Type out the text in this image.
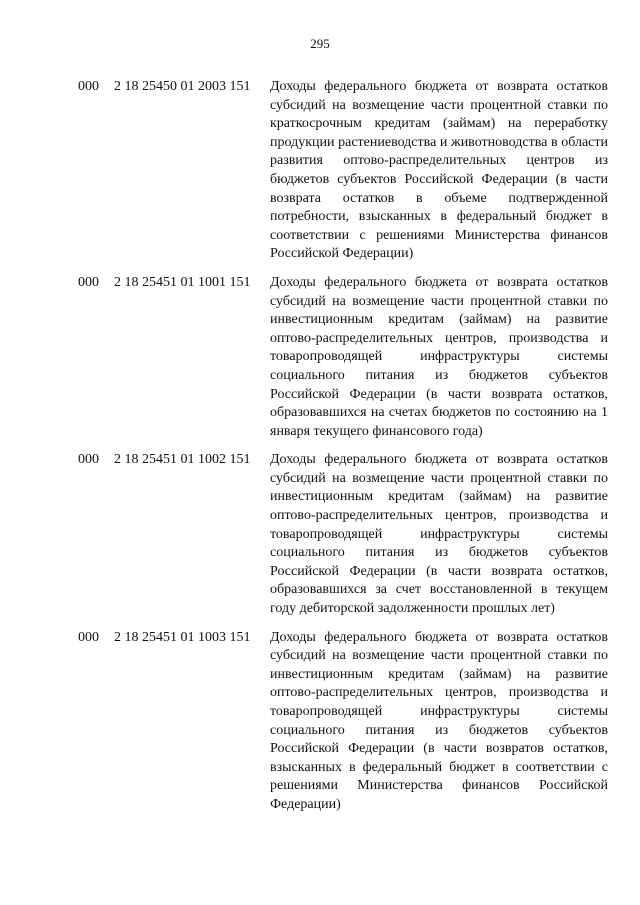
295
000	2 18 25450 01 2003 151	Доходы федерального бюджета от возврата остатков субсидий на возмещение части процентной ставки по краткосрочным кредитам (займам) на переработку продукции растениеводства и животноводства в области развития оптово-распределительных центров из бюджетов субъектов Российской Федерации (в части возврата остатков в объеме подтвержденной потребности, взысканных в федеральный бюджет в соответствии с решениями Министерства финансов Российской Федерации)
000	2 18 25451 01 1001 151	Доходы федерального бюджета от возврата остатков субсидий на возмещение части процентной ставки по инвестиционным кредитам (займам) на развитие оптово-распределительных центров, производства и товаропроводящей инфраструктуры системы социального питания из бюджетов субъектов Российской Федерации (в части возврата остатков, образовавшихся на счетах бюджетов по состоянию на 1 января текущего финансового года)
000	2 18 25451 01 1002 151	Доходы федерального бюджета от возврата остатков субсидий на возмещение части процентной ставки по инвестиционным кредитам (займам) на развитие оптово-распределительных центров, производства и товаропроводящей инфраструктуры системы социального питания из бюджетов субъектов Российской Федерации (в части возврата остатков, образовавшихся за счет восстановленной в текущем году дебиторской задолженности прошлых лет)
000	2 18 25451 01 1003 151	Доходы федерального бюджета от возврата остатков субсидий на возмещение части процентной ставки по инвестиционным кредитам (займам) на развитие оптово-распределительных центров, производства и товаропроводящей инфраструктуры системы социального питания из бюджетов субъектов Российской Федерации (в части возвратов остатков, взысканных в федеральный бюджет в соответствии с решениями Министерства финансов Российской Федерации)
